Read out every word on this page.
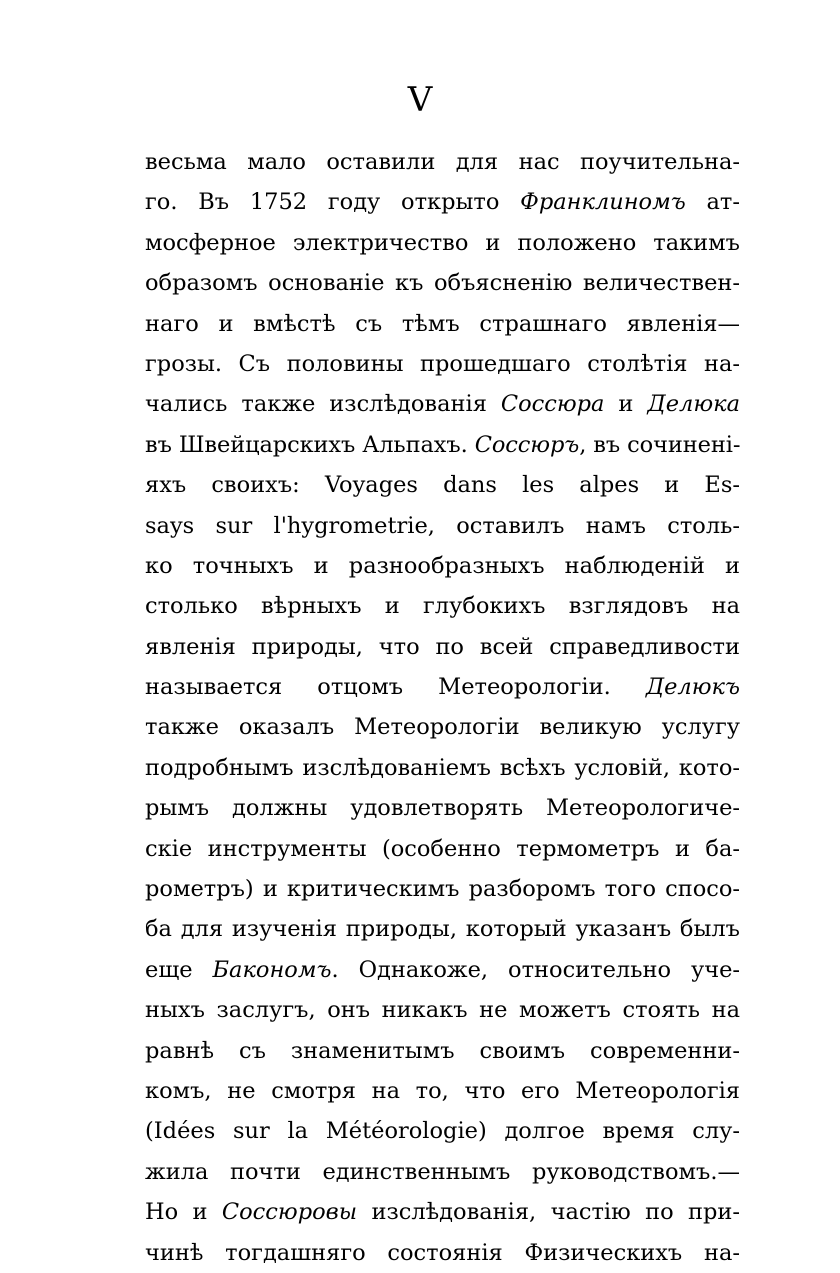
V
весьма мало оставили для нас поучительна-
го. Въ 1752 году открыто Франклиномъ ат-
мосферное электричество и положено такимъ
образомъ основаніе къ объясненію величествен-
наго и вмѣстѣ съ тѣмъ страшнаго явленія—
грозы. Съ половины прошедшаго столѣтія на-
чались также изслѣдованія Соссюра и Делюка
въ Швейцарскихъ Альпахъ. Соссюръ, въ сочинені-
яхъ своихъ: Voyages dans les alpes и Es-
says sur l'hygrometrie, оставилъ намъ столь-
ко точныхъ и разнообразныхъ наблюденій и
столько вѣрныхъ и глубокихъ взглядовъ на
явленія природы, что по всей справедливости
называется отцомъ Метеорологіи. Делюкъ
также оказалъ Метеорологіи великую услугу
подробнымъ изслѣдованіемъ всѣхъ условій, кото-
рымъ должны удовлетворять Метеорологиче-
скіе инструменты (особенно термометръ и ба-
рометръ) и критическимъ разборомъ того спосо-
ба для изученія природы, который указанъ былъ
еще Бакономъ. Однакоже, относительно уче-
ныхъ заслугъ, онъ никакъ не можетъ стоять на
равнѣ съ знаменитымъ своимъ современни-
комъ, не смотря на то, что его Метеорологія
(Idées sur la Météorologie) долгое время слу-
жила почти единственнымъ руководствомъ.—
Но и Соссюровы изслѣдованія, частію по при-
чинѣ тогдашняго состоянія Физическихъ на-
